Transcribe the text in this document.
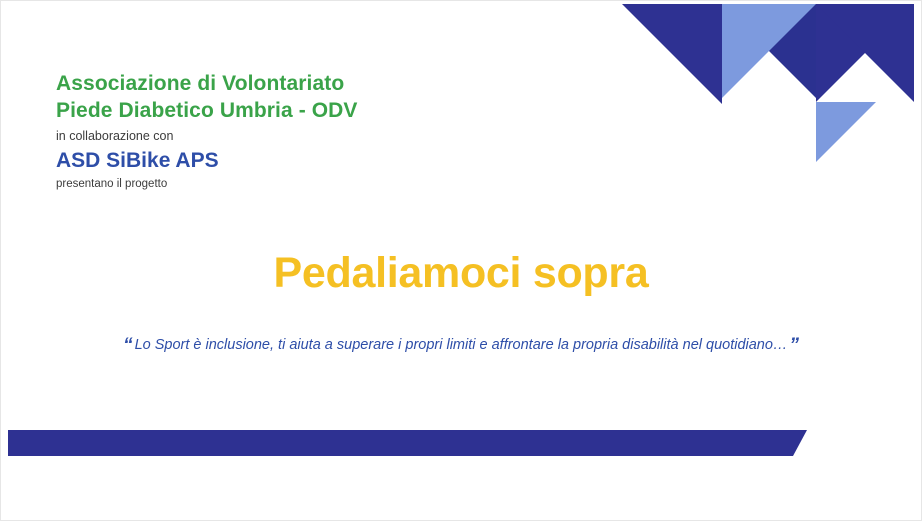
Associazione di Volontariato
Piede Diabetico Umbria - ODV
in collaborazione con
ASD SiBike APS
presentano il progetto
Pedaliamoci sopra
“ Lo Sport è inclusione, ti aiuta a superare i propri limiti e affrontare la propria disabilità nel quotidiano… ”
